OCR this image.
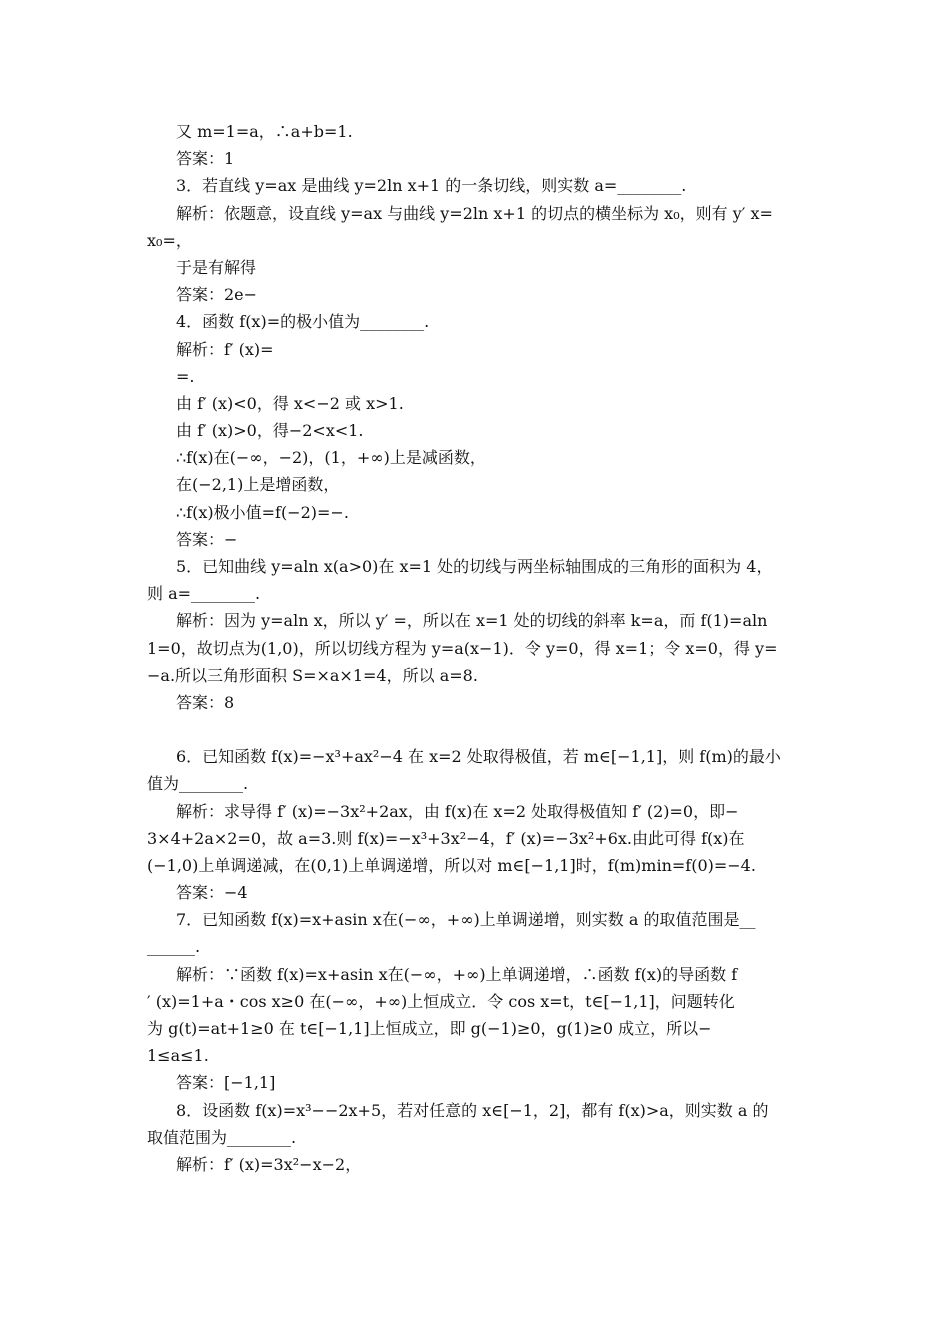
又 m=1=a，∴a+b=1.
答案：1
3．若直线 y=ax 是曲线 y=2ln x+1 的一条切线，则实数 a=________.
解析：依题意，设直线 y=ax 与曲线 y=2ln x+1 的切点的横坐标为 x₀，则有 y′ x=
x₀=，
于是有解得
答案：2e−
4．函数 f(x)=的极小值为________.
解析：f′ (x)=
=.
由 f′ (x)<0，得 x<−2 或 x>1.
由 f′ (x)>0，得−2<x<1.
∴f(x)在(−∞，−2)，(1，+∞)上是减函数，
在(−2,1)上是增函数，
∴f(x)极小值=f(−2)=−.
答案：−
5．已知曲线 y=aln x(a>0)在 x=1 处的切线与两坐标轴围成的三角形的面积为 4，
则 a=________.
解析：因为 y=aln x，所以 y′ =，所以在 x=1 处的切线的斜率 k=a，而 f(1)=aln
1=0，故切点为(1,0)，所以切线方程为 y=a(x−1)．令 y=0，得 x=1；令 x=0，得 y=
−a.所以三角形面积 S=×a×1=4，所以 a=8.
答案：8
6．已知函数 f(x)=−x³+ax²−4 在 x=2 处取得极值，若 m∈[−1,1]，则 f(m)的最小
值为________.
解析：求导得 f′ (x)=−3x²+2ax，由 f(x)在 x=2 处取得极值知 f′ (2)=0，即−
3×4+2a×2=0，故 a=3.则 f(x)=−x³+3x²−4，f′ (x)=−3x²+6x.由此可得 f(x)在
(−1,0)上单调递减，在(0,1)上单调递增，所以对 m∈[−1,1]时，f(m)min=f(0)=−4.
答案：−4
7．已知函数 f(x)=x+asin x在(−∞，+∞)上单调递增，则实数 a 的取值范围是__
______.
解析：∵函数 f(x)=x+asin x在(−∞，+∞)上单调递增，∴函数 f(x)的导函数 f
′ (x)=1+a・cos x≥0 在(−∞，+∞)上恒成立．令 cos x=t，t∈[−1,1]，问题转化
为 g(t)=at+1≥0 在 t∈[−1,1]上恒成立，即 g(−1)≥0，g(1)≥0 成立，所以−
1≤a≤1.
答案：[−1,1]
8．设函数 f(x)=x³−−2x+5，若对任意的 x∈[−1，2]，都有 f(x)>a，则实数 a 的
取值范围为________.
解析：f′ (x)=3x²−x−2，
